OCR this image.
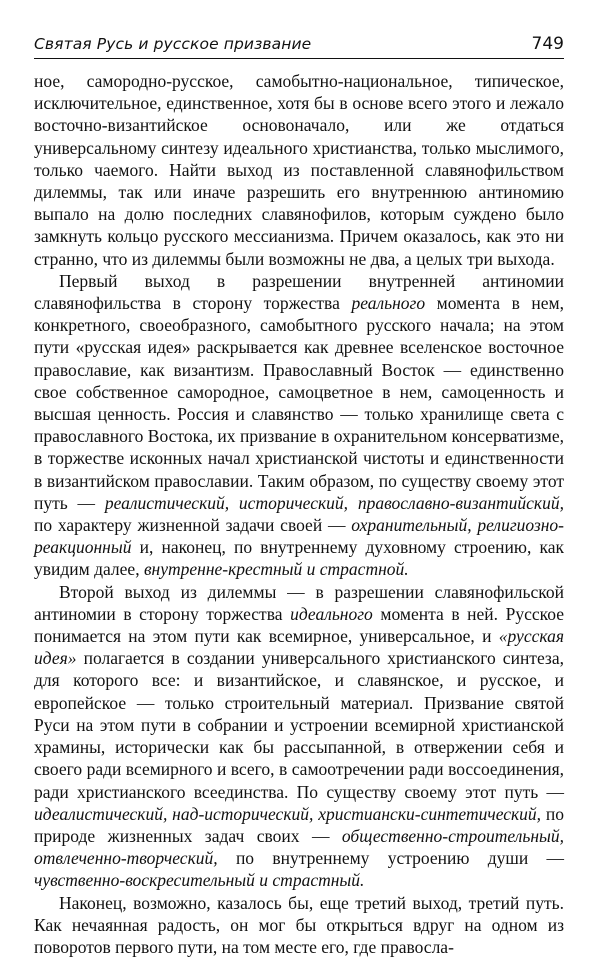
Святая Русь и русское призвание	749

ное, самородно-русское, самобытно-национальное, типическое, исключительное, единственное, хотя бы в основе всего этого и лежало восточно-византийское основоначало, или же отдаться универсальному синтезу идеального христианства, только мыслимого, только чаемого. Найти выход из поставленной славянофильством дилеммы, так или иначе разрешить его внутреннюю антиномию выпало на долю последних славянофилов, которым суждено было замкнуть кольцо русского мессианизма. Причем оказалось, как это ни странно, что из дилеммы были возможны не два, а целых три выхода.

Первый выход в разрешении внутренней антиномии славянофильства в сторону торжества реального момента в нем, конкретного, своеобразного, самобытного русского начала; на этом пути «русская идея» раскрывается как древнее вселенское восточное православие, как византизм. Православный Восток — единственно свое собственное самородное, самоцветное в нем, самоценность и высшая ценность. Россия и славянство — только хранилище света с православного Востока, их призвание в охранительном консерватизме, в торжестве исконных начал христианской чистоты и единственности в византийском православии. Таким образом, по существу своему этот путь — реалистический, исторический, православно-византийский, по характеру жизненной задачи своей — охранительный, религиозно-реакционный и, наконец, по внутреннему духовному строению, как увидим далее, внутренне-крестный и страстной.

Второй выход из дилеммы — в разрешении славянофильской антиномии в сторону торжества идеального момента в ней. Русское понимается на этом пути как всемирное, универсальное, и «русская идея» полагается в создании универсального христианского синтеза, для которого все: и византийское, и славянское, и русское, и европейское — только строительный материал. Призвание святой Руси на этом пути в собрании и устроении всемирной христианской храмины, исторически как бы рассыпанной, в отвержении себя и своего ради всемирного и всего, в самоотречении ради воссоединения, ради христианского всеединства. По существу своему этот путь — идеалистический, над-исторический, христиански-синтетический, по природе жизненных задач своих — общественно-строительный, отвлеченно-творческий, по внутреннему устроению души — чувственно-воскресительный и страстный.

Наконец, возможно, казалось бы, еще третий выход, третий путь. Как нечаянная радость, он мог бы открыться вдруг на одном из поворотов первого пути, на том месте его, где правосла-
